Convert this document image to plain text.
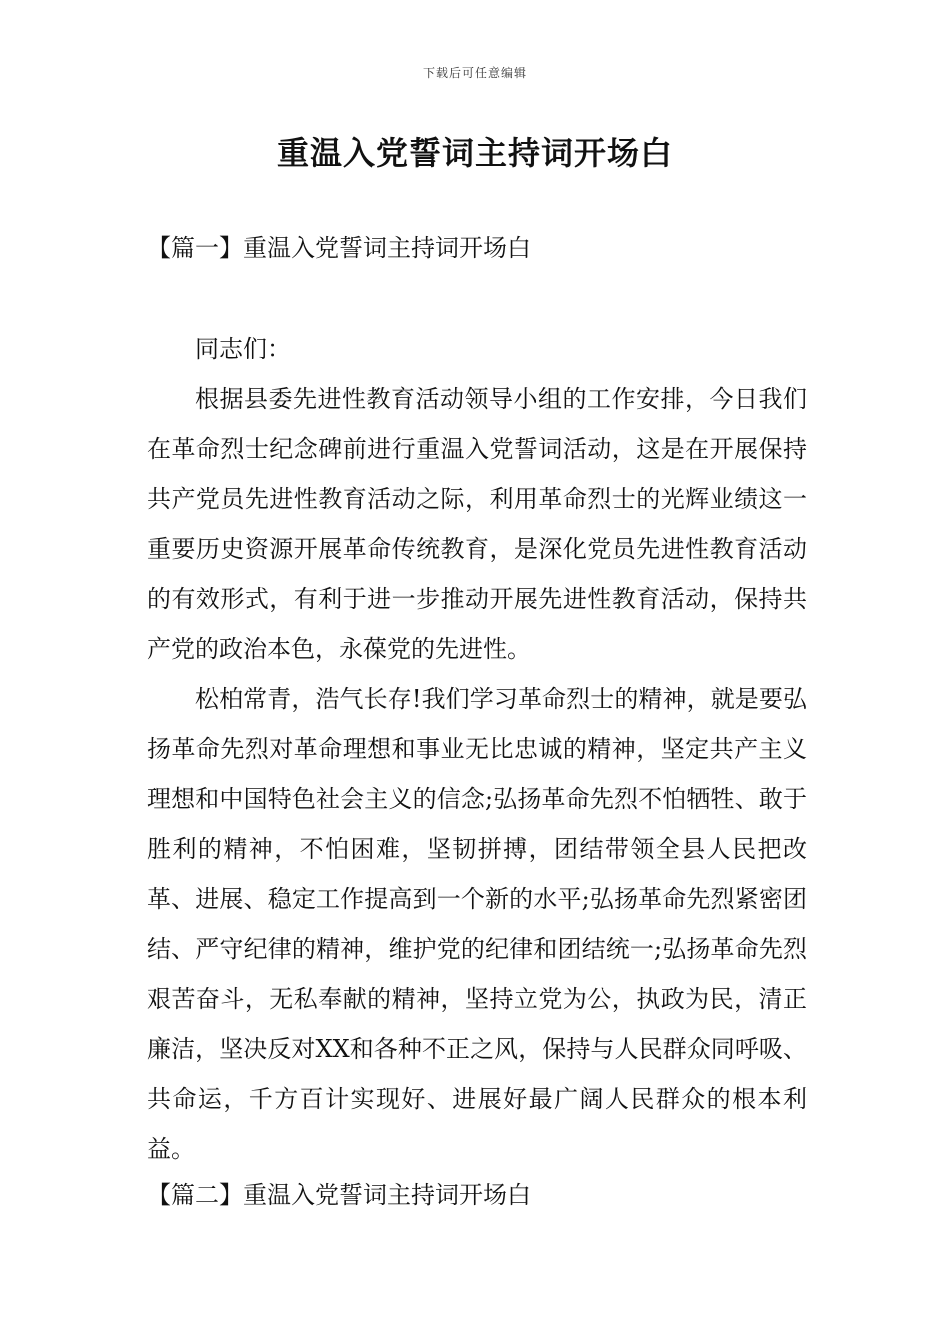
下载后可任意编辑
重温入党誓词主持词开场白
【篇一】重温入党誓词主持词开场白
同志们：

根据县委先进性教育活动领导小组的工作安排，今日我们在革命烈士纪念碑前进行重温入党誓词活动，这是在开展保持共产党员先进性教育活动之际，利用革命烈士的光辉业绩这一重要历史资源开展革命传统教育，是深化党员先进性教育活动的有效形式，有利于进一步推动开展先进性教育活动，保持共产党的政治本色，永葆党的先进性。

松柏常青，浩气长存!我们学习革命烈士的精神，就是要弘扬革命先烈对革命理想和事业无比忠诚的精神，坚定共产主义理想和中国特色社会主义的信念;弘扬革命先烈不怕牺牲、敢于胜利的精神，不怕困难，坚韧拼搏，团结带领全县人民把改革、进展、稳定工作提高到一个新的水平;弘扬革命先烈紧密团结、严守纪律的精神，维护党的纪律和团结统一;弘扬革命先烈艰苦奋斗，无私奉献的精神，坚持立党为公，执政为民，清正廉洁，坚决反对XX和各种不正之风，保持与人民群众同呼吸、共命运，千方百计实现好、进展好最广阔人民群众的根本利益。

【篇二】重温入党誓词主持词开场白
